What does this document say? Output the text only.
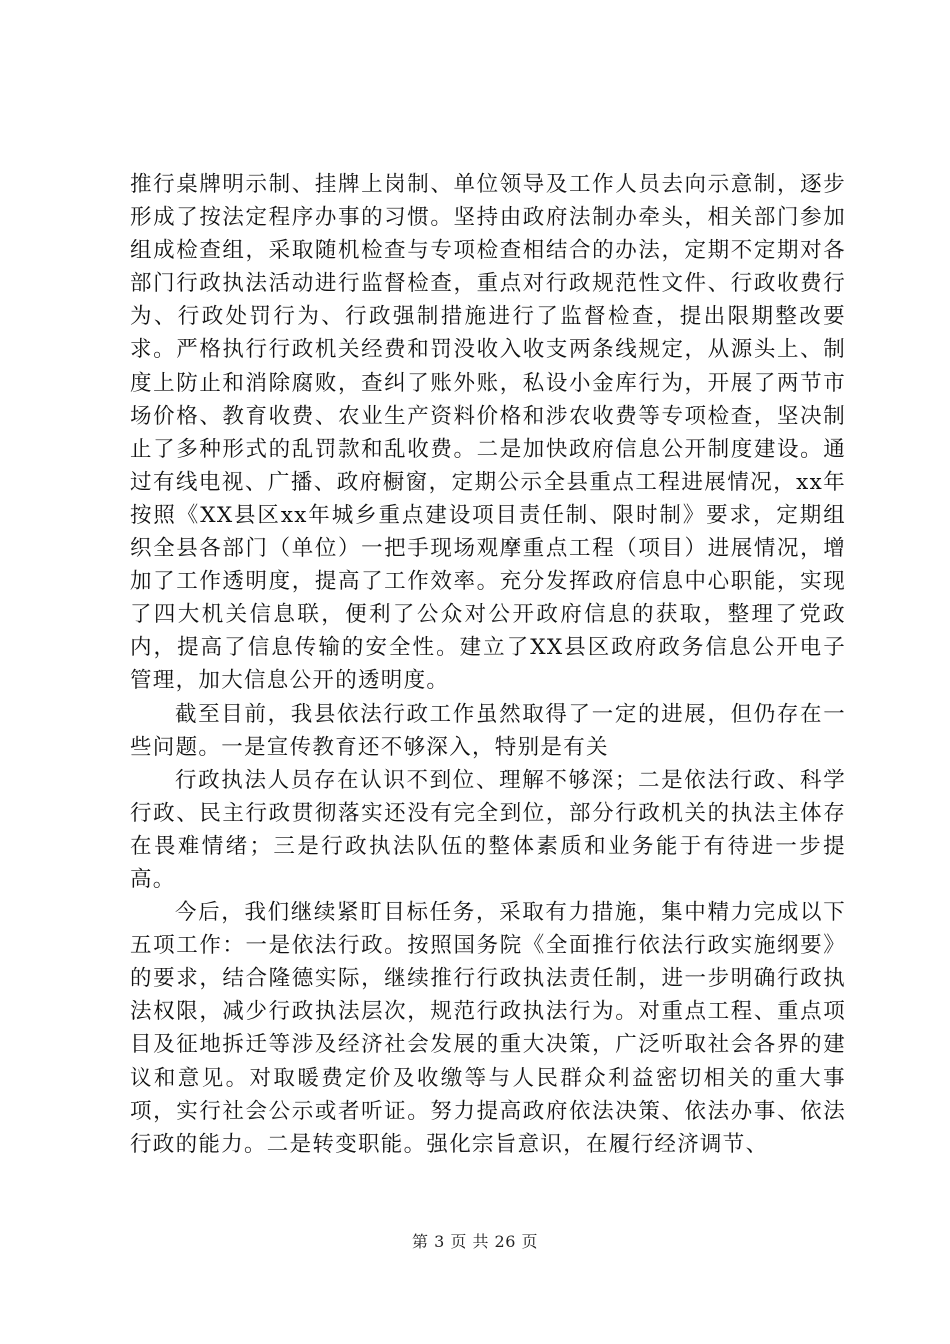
推行桌牌明示制、挂牌上岗制、单位领导及工作人员去向示意制，逐步形成了按法定程序办事的习惯。坚持由政府法制办牵头，相关部门参加组成检查组，采取随机检查与专项检查相结合的办法，定期不定期对各部门行政执法活动进行监督检查，重点对行政规范性文件、行政收费行为、行政处罚行为、行政强制措施进行了监督检查，提出限期整改要求。严格执行行政机关经费和罚没收入收支两条线规定，从源头上、制度上防止和消除腐败，查纠了账外账，私设小金库行为，开展了两节市场价格、教育收费、农业生产资料价格和涉农收费等专项检查，坚决制止了多种形式的乱罚款和乱收费。二是加快政府信息公开制度建设。通过有线电视、广播、政府橱窗，定期公示全县重点工程进展情况，xx年按照《XX县区xx年城乡重点建设项目责任制、限时制》要求，定期组织全县各部门（单位）一把手现场观摩重点工程（项目）进展情况，增加了工作透明度，提高了工作效率。充分发挥政府信息中心职能，实现了四大机关信息联，便利了公众对公开政府信息的获取，整理了党政内，提高了信息传输的安全性。建立了XX县区政府政务信息公开电子管理，加大信息公开的透明度。

截至目前，我县依法行政工作虽然取得了一定的进展，但仍存在一些问题。一是宣传教育还不够深入，特别是有关

行政执法人员存在认识不到位、理解不够深；二是依法行政、科学行政、民主行政贯彻落实还没有完全到位，部分行政机关的执法主体存在畏难情绪；三是行政执法队伍的整体素质和业务能于有待进一步提高。

今后，我们继续紧盯目标任务，采取有力措施，集中精力完成以下五项工作：一是依法行政。按照国务院《全面推行依法行政实施纲要》的要求，结合隆德实际，继续推行行政执法责任制，进一步明确行政执法权限，减少行政执法层次，规范行政执法行为。对重点工程、重点项目及征地拆迁等涉及经济社会发展的重大决策，广泛听取社会各界的建议和意见。对取暖费定价及收缴等与人民群众利益密切相关的重大事项，实行社会公示或者听证。努力提高政府依法决策、依法办事、依法行政的能力。二是转变职能。强化宗旨意识，在履行经济调节、

第 3 页 共 26 页
